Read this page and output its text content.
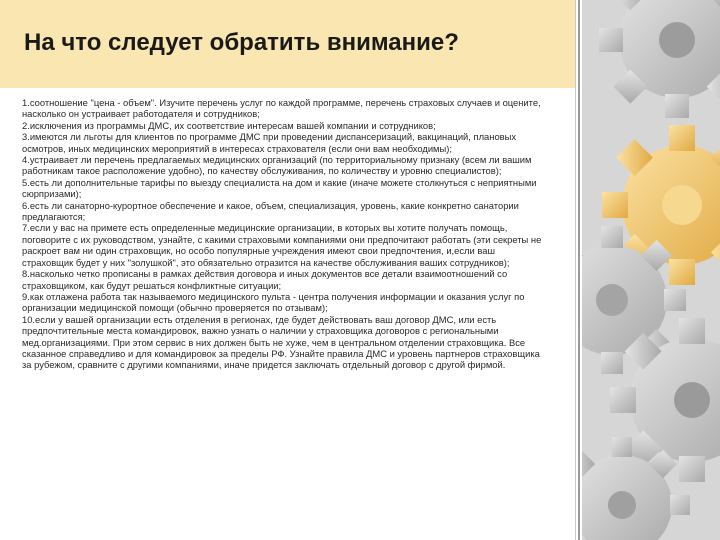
На что следует обратить внимание?

1.соотношение "цена - объем". Изучите перечень услуг по каждой программе, перечень страховых случаев и оцените, насколько он устраивает работодателя и сотрудников;

2.исключения из программы ДМС, их соответствие интересам вашей компании и сотрудников;

3.имеются ли льготы для клиентов по программе ДМС при проведении диспансеризаций, вакцинаций, плановых осмотров, иных медицинских мероприятий в интересах страхователя (если они вам необходимы);

4.устраивает ли перечень предлагаемых медицинских организаций (по территориальному признаку (всем ли вашим работникам такое расположение удобно), по качеству обслуживания, по количеству и уровню специалистов);

5.есть ли дополнительные тарифы по выезду специалиста на дом и какие (иначе можете столкнуться с неприятными сюрпризами);

6.есть ли санаторно-курортное обеспечение и какое, объем, специализация, уровень, какие конкретно санатории предлагаются;

7.если у вас на примете есть определенные медицинские организации, в которых вы хотите получать помощь, поговорите с их руководством, узнайте, с какими страховыми компаниями они предпочитают работать (эти секреты не раскроет вам ни один страховщик, но особо популярные учреждения имеют свои предпочтения, и,если ваш страховщик будет у них "золушкой", это обязательно отразится на качестве обслуживания ваших сотрудников);

8.насколько четко прописаны в рамках действия договора и иных документов все детали взаимоотношений со страховщиком, как будут решаться конфликтные ситуации;

9.как отлажена работа так называемого медицинского пульта - центра получения информации и оказания услуг по организации медицинской помощи (обычно проверяется по отзывам);

10.если у вашей организации есть отделения в регионах, где будет действовать ваш договор ДМС, или есть предпочтительные места командировок, важно узнать о наличии у страховщика договоров с региональными мед.организациями. При этом сервис в них должен быть не хуже, чем в центральном отделении страховщика. Все сказанное справедливо и для командировок за пределы РФ. Узнайте правила ДМС и уровень партнеров страховщика за рубежом, сравните с другими компаниями, иначе придется заключать отдельный договор с другой фирмой.
